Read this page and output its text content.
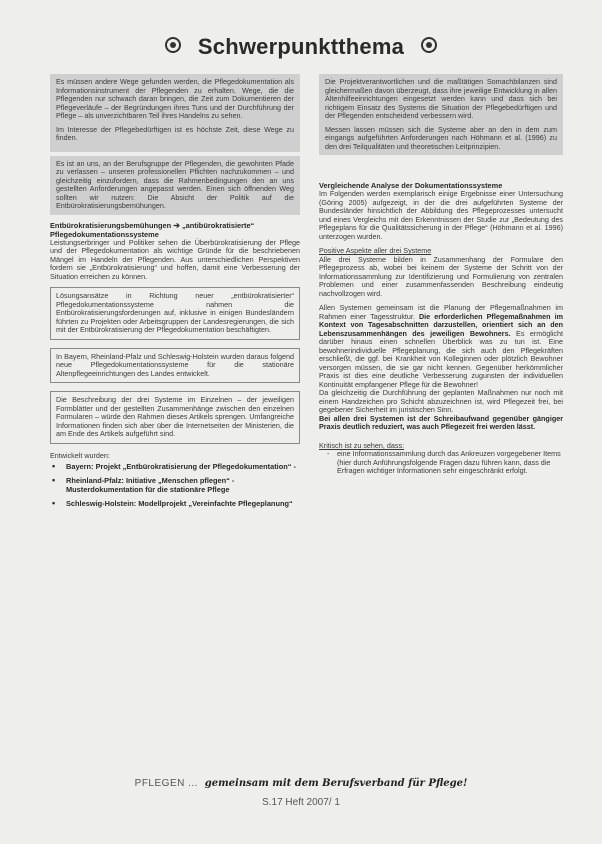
Schwerpunktthema
Es müssen andere Wege gefunden werden, die Pflegedokumentation als Informationsinstrument der Pflegenden zu erhalten. Wege, die die Pflegenden nur schwach daran bringen, die Zeit zum Dokumentieren der Pflegeverläufe – der Begründungen ihres Tuns und der Durchführung der Pflege – als unverzichtbaren Teil ihres Handelns zu sehen.
Im Interesse der Pflegebedürftigen ist es höchste Zeit, diese Wege zu finden.
Es ist an uns, an der Berufsgruppe der Pflegenden, die gewohnten Pfade zu verlassen – unseren professionellen Pflichten nachzukommen – und gleichzeitig einzufordern, dass die Rahmenbedingungen den an uns gestellten Anforderungen angepasst werden. Einen sich öffnenden Weg sollten wir nutzen: Die Absicht der Politik auf die Entbürokratisierungsbemühungen.
Entbürokratisierungsbemühungen ➔ „antibürokratisierte“ Pflegedokumentationssysteme
Leistungserbringer und Politiker sehen die Überbürokratisierung der Pflege und der Pflegedokumentation als wichtige Gründe für die beschriebenen Mängel im Handeln der Pflegenden. Aus unterschiedlichen Perspektiven fordern sie „Entbürokratisierung“ und hoffen, damit eine Verbesserung der Situation erreichen zu können.
Lösungsansätze in Richtung neuer „entbürokratisierter“ Pflegedokumentationssysteme nahmen die Entbürokratisierungsforderungen auf, inklusive in einigen Bundesländern führten zu Projekten oder Arbeitsgruppen der Landesregierungen, die sich mit der Entbürokratisierung der Pflegedokumentation beschäftigten.
In Bayern, Rheinland-Pfalz und Schleswig-Holstein wurden daraus folgend neue Pflegedokumentationssysteme für die stationäre Altenpflegeeinrichtungen des Landes entwickelt.
Die Beschreibung der drei Systeme im Einzelnen – der jeweiligen Formblätter und der gestellten Zusammenhänge zwischen den einzelnen Formularen – würde den Rahmen dieses Artikels sprengen. Umfangreiche Informationen finden sich aber über die Internetseiten der Ministerien, die am Ende des Artikels aufgeführt sind.
Entwickelt wurden:
• Bayern: Projekt „Entbürokratisierung der Pflegedokumentation“ -
• Rheinland-Pfalz: Initiative „Menschen pflegen“ - Musterdokumentation für die stationäre Pflege
• Schleswig-Holstein: Modellprojekt „Vereinfachte Pflegeplanung“
Die Projektverantwortlichen und die maßtätigen Somachbilanzen sind gleichermaßen davon überzeugt, dass ihre jeweilige Entwicklung in allen Altenhilfeeinrichtungen eingesetzt werden kann und dass sich bei richtigem Einsatz des Systems die Situation der Pflegebedürftigen und der Pflegenden entscheidend verbessern wird.
Messen lassen müssen sich die Systeme aber an den in dem zum eingangs aufgeführten Anforderungen nach Höhmann et al. (1996) zu den drei Teilqualitäten und theoretischen Leitprinzipien.
Vergleichende Analyse der Dokumentationssysteme
Im Folgenden werden exemplarisch einige Ergebnisse einer Untersuchung (Göring 2005) aufgezeigt, in der die drei aufgeführten Systeme der Bundesländer hinsichtlich der Abbildung des Pflegeprozesses untersucht und eines Vergleichs mit den Erkenntnissen der Studie zur „Bedeutung des Pflegeplans für die Qualitätssicherung in der Pflege“ (Höhmann et al. 1996) unterzogen wurden.
Positive Aspekte aller drei Systeme
Alle drei Systeme bilden in Zusammenhang der Formulare den Pflegeprozess ab, wobei bei keinem der Systeme der Schritt von der Informationssammlung zur Identifizierung und Formulierung von zentralen Problemen und einer zusammenfassenden Beschreibung eindeutig nachvollzogen wird.
Allen Systemen gemeinsam ist die Planung der Pflegemaßnahmen im Rahmen einer Tagesstruktur. Die erforderlichen Pflegemaßnahmen im Kontext von Tagesabschnitten darzustellen, orientiert sich an den Lebenszusammenhängen des jeweiligen Bewohners. Es ermöglicht darüber hinaus einen schnellen Überblick was zu tun ist. Eine bewohnerindividuelle Pflegeplanung, die sich auch den Pflegekräften erschließt, die ggf. bei Krankheit von Kolleginnen oder plötzlich Bewohner versorgen müssen, die sie gar nicht kennen. Gegenüber herkömmlicher Praxis ist dies eine deutliche Verbesserung zugunsten der individuellen Kontinuität empfangener Pflege für die Bewohner!
Da gleichzeitig die Durchführung der geplanten Maßnahmen nur noch mit einem Handzeichen pro Schicht abzuzeichnen ist, wird Pflegezeit frei, bei gegebener Sicherheit im juristischen Sinn.
Bei allen drei Systemen ist der Schreibaufwand gegenüber gängiger Praxis deutlich reduziert, was auch Pflegezeit frei werden lässt.
Kritisch ist zu sehen, dass:
- eine Informationssammlung durch das Ankreuzen vorgegebener Items (hier durch Anführungsfolgende Fragen dazu führen kann, dass die Erfragen wichtiger Informationen sehr eingeschränkt erfolgt.
PFLEGEN ... gemeinsam mit dem Berufsverband für Pflege!
S.17 Heft 2007/ 1
